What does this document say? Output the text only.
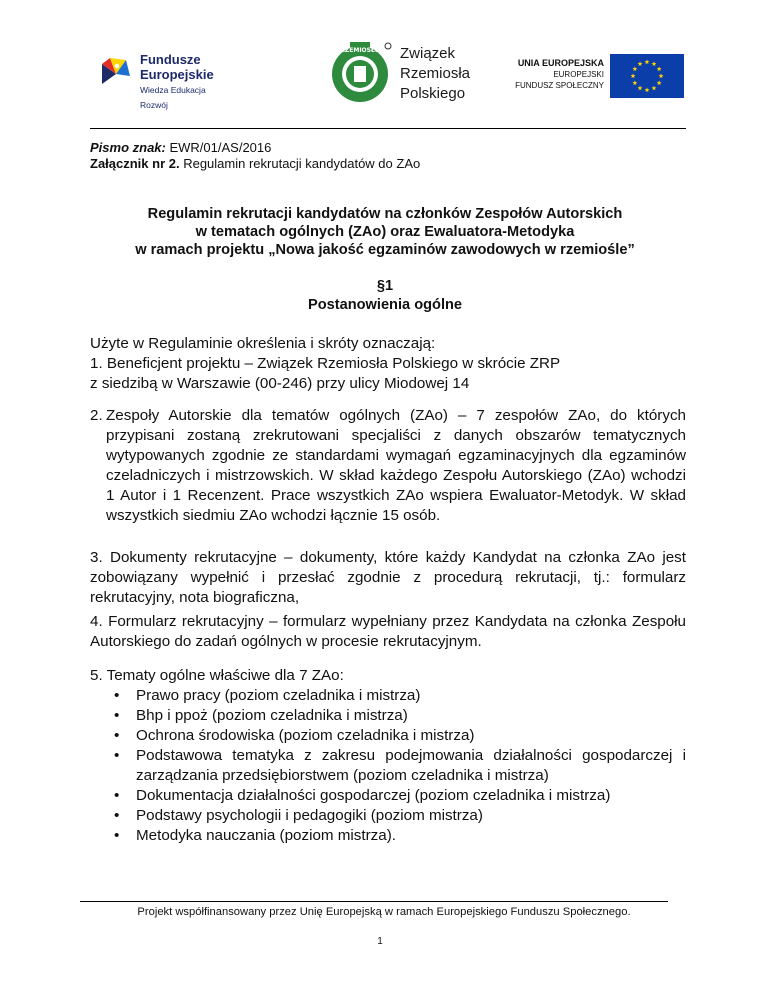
Fundusze
Europejskie
Wiedza Edukacja Rozwój
RZEMIOSŁO Związek
Rzemiosła
Polskiego
UNIA EUROPEJSKA
EUROPEJSKI
FUNDUSZ SPOŁECZNY
Pismo znak: EWR/01/AS/2016
Załącznik nr 2. Regulamin rekrutacji kandydatów do ZAo
Regulamin rekrutacji kandydatów na członków Zespołów Autorskich
w tematach ogólnych (ZAo) oraz Ewaluatora-Metodyka
w ramach projektu „Nowa jakość egzaminów zawodowych w rzemiośle”
§1
Postanowienia ogólne
Użyte w Regulaminie określenia i skróty oznaczają:
1. Beneficjent projektu – Związek Rzemiosła Polskiego w skrócie ZRP
z siedzibą w Warszawie (00-246) przy ulicy Miodowej 14
2. Zespoły Autorskie dla tematów ogólnych (ZAo) – 7 zespołów ZAo, do których przypisani zostaną zrekrutowani specjaliści z danych obszarów tematycznych wytypowanych zgodnie ze standardami wymagań egzaminacyjnych dla egzaminów czeladniczych i mistrzowskich. W skład każdego Zespołu Autorskiego (ZAo) wchodzi 1 Autor i 1 Recenzent. Prace wszystkich ZAo wspiera Ewaluator-Metodyk. W skład wszystkich siedmiu ZAo wchodzi łącznie 15 osób.
3. Dokumenty rekrutacyjne – dokumenty, które każdy Kandydat na członka ZAo jest zobowiązany wypełnić i przesłać zgodnie z procedurą rekrutacji, tj.: formularz rekrutacyjny, nota biograficzna,
4. Formularz rekrutacyjny – formularz wypełniany przez Kandydata na członka Zespołu Autorskiego do zadań ogólnych w procesie rekrutacyjnym.
5. Tematy ogólne właściwe dla 7 ZAo:
• Prawo pracy (poziom czeladnika i mistrza)
• Bhp i ppoż (poziom czeladnika i mistrza)
• Ochrona środowiska (poziom czeladnika i mistrza)
• Podstawowa tematyka z zakresu podejmowania działalności gospodarczej i zarządzania przedsiębiorstwem (poziom czeladnika i mistrza)
• Dokumentacja działalności gospodarczej (poziom czeladnika i mistrza)
• Podstawy psychologii i pedagogiki (poziom mistrza)
• Metodyka nauczania (poziom mistrza).
Projekt współfinansowany przez Unię Europejską w ramach Europejskiego Funduszu Społecznego.
1
